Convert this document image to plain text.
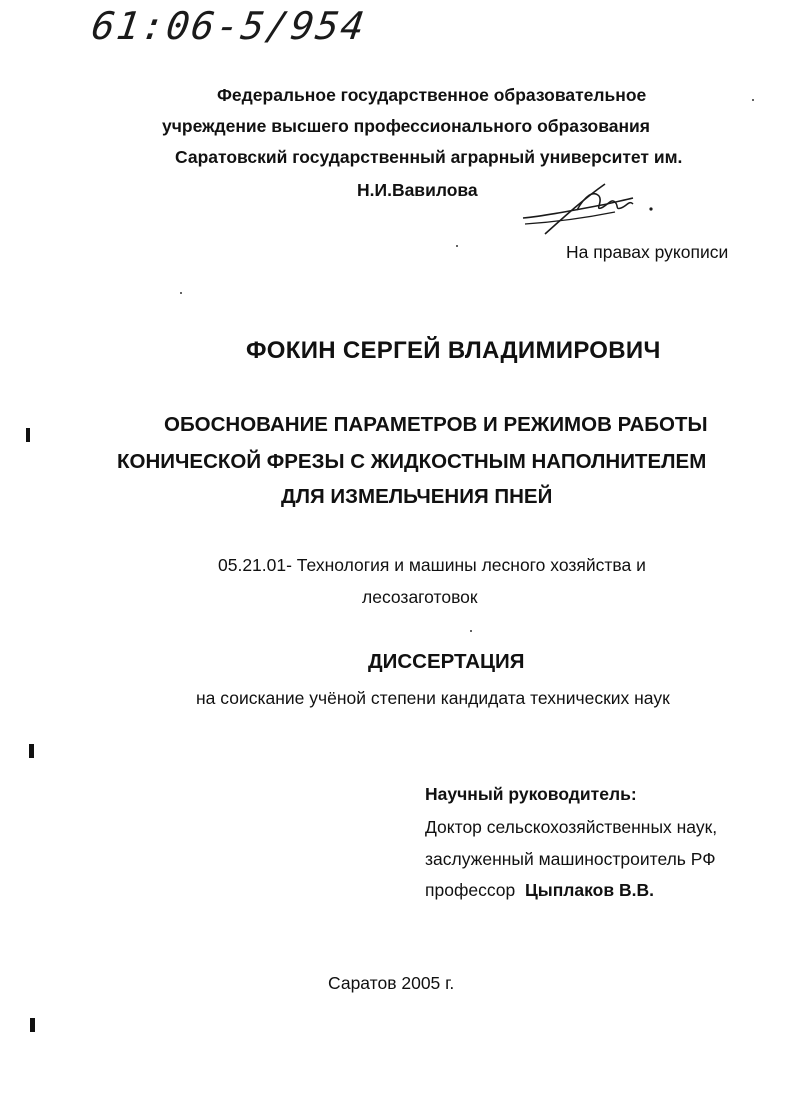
61:06-5/954
Федеральное государственное образовательное
учреждение высшего профессионального образования
Саратовский государственный аграрный университет им.
Н.И.Вавилова
На правах рукописи
ФОКИН СЕРГЕЙ ВЛАДИМИРОВИЧ
ОБОСНОВАНИЕ ПАРАМЕТРОВ И РЕЖИМОВ РАБОТЫ
КОНИЧЕСКОЙ ФРЕЗЫ С ЖИДКОСТНЫМ НАПОЛНИТЕЛЕМ
ДЛЯ ИЗМЕЛЬЧЕНИЯ ПНЕЙ
05.21.01- Технология и машины лесного хозяйства и
лесозаготовок
ДИССЕРТАЦИЯ
на соискание учёной степени кандидата технических наук
Научный руководитель:
Доктор сельскохозяйственных наук,
заслуженный машиностроитель РФ
профессор Цыплаков В.В.
Саратов 2005 г.
